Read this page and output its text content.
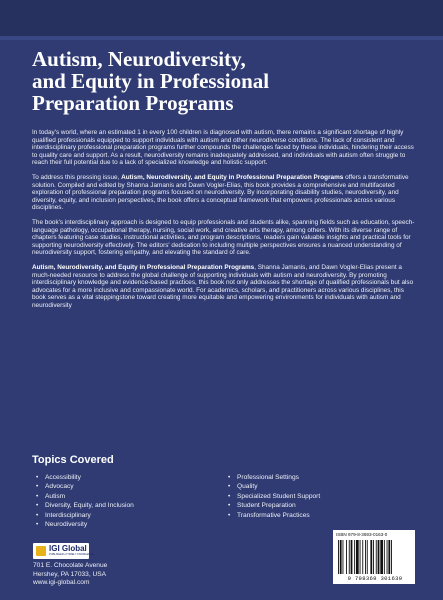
Autism, Neurodiversity,
and Equity in Professional
Preparation Programs

In today's world, where an estimated 1 in every 100 children is diagnosed with autism, there remains a significant shortage of highly qualified professionals equipped to support individuals with autism and other neurodiverse conditions. The lack of consistent and interdisciplinary professional preparation programs further compounds the challenges faced by these individuals, hindering their access to quality care and support. As a result, neurodiversity remains inadequately addressed, and individuals with autism often struggle to reach their full potential due to a lack of specialized knowledge and holistic support.

To address this pressing issue, Autism, Neurodiversity, and Equity in Professional Preparation Programs offers a transformative solution. Compiled and edited by Shanna Jamanis and Dawn Vogler-Elias, this book provides a comprehensive and multifaceted exploration of professional preparation programs focused on neurodiversity. By incorporating disability studies, neurodiversity, and diversity, equity, and inclusion perspectives, the book offers a conceptual framework that empowers professionals across various disciplines.

The book's interdisciplinary approach is designed to equip professionals and students alike, spanning fields such as education, speech-language pathology, occupational therapy, nursing, social work, and creative arts therapy, among others. With its diverse range of chapters featuring case studies, instructional activities, and program descriptions, readers gain valuable insights and practical tools for supporting neurodiversity effectively. The editors' dedication to including multiple perspectives ensures a nuanced understanding of neurodiversity support, fostering empathy, and elevating the standard of care.

Autism, Neurodiversity, and Equity in Professional Preparation Programs, Shanna Jamanis, and Dawn Vogler-Elias present a much-needed resource to address the global challenge of supporting individuals with autism and neurodiversity. By promoting interdisciplinary knowledge and evidence-based practices, this book not only addresses the shortage of qualified professionals but also advocates for a more inclusive and compassionate world. For academics, scholars, and practitioners across various disciplines, this book serves as a vital steppingstone toward creating more equitable and empowering environments for individuals with autism and neurodiversity

Topics Covered
• Accessibility
• Advocacy
• Autism
• Diversity, Equity, and Inclusion
• Interdisciplinary
• Neurodiversity
• Professional Settings
• Quality
• Specialized Student Support
• Student Preparation
• Transformative Practices
IGI Global
PUBLISHER of TIMELY KNOWLEDGE
701 E. Chocolate Avenue
Hershey, PA 17033, USA
www.igi-global.com
ISBN 979-8-3693-0163-0
9 798369 301630
